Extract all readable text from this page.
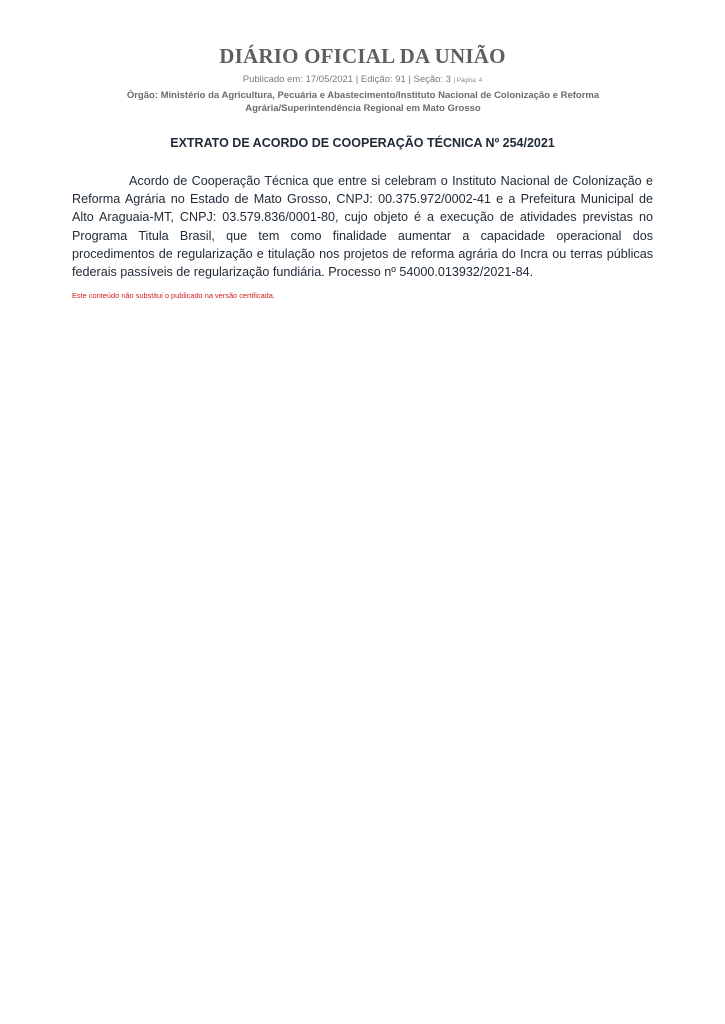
DIÁRIO OFICIAL DA UNIÃO
Publicado em: 17/05/2021 | Edição: 91 | Seção: 3 | Página: 4
Órgão: Ministério da Agricultura, Pecuária e Abastecimento/Instituto Nacional de Colonização e Reforma Agrária/Superintendência Regional em Mato Grosso
EXTRATO DE ACORDO DE COOPERAÇÃO TÉCNICA Nº 254/2021

Acordo de Cooperação Técnica que entre si celebram o Instituto Nacional de Colonização e Reforma Agrária no Estado de Mato Grosso, CNPJ: 00.375.972/0002-41 e a Prefeitura Municipal de Alto Araguaia-MT, CNPJ: 03.579.836/0001-80, cujo objeto é a execução de atividades previstas no Programa Titula Brasil, que tem como finalidade aumentar a capacidade operacional dos procedimentos de regularização e titulação nos projetos de reforma agrária do Incra ou terras públicas federais passíveis de regularização fundiária. Processo nº 54000.013932/2021-84.

Este conteúdo não substitui o publicado na versão certificada.
